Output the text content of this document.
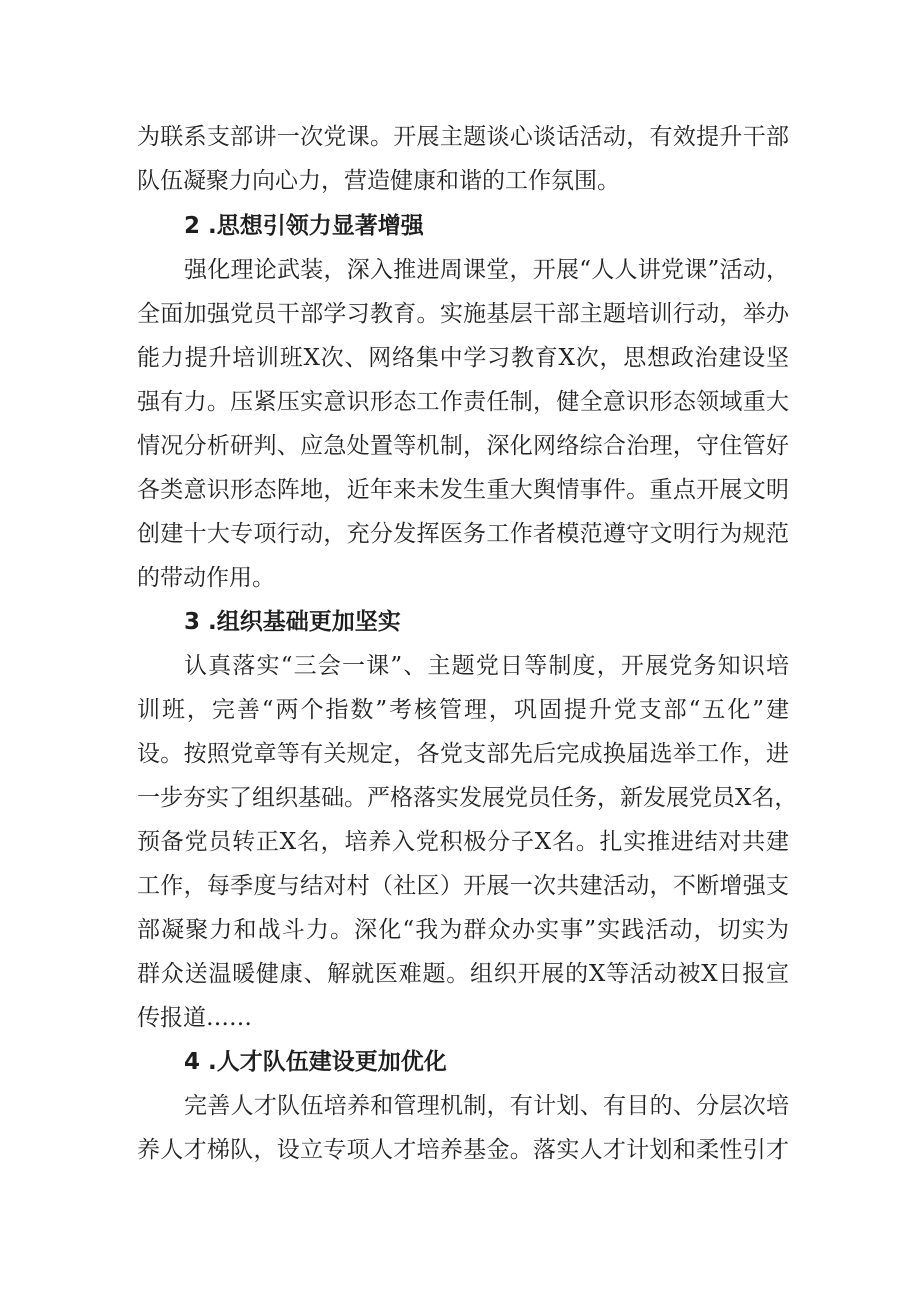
为联系支部讲一次党课。开展主题谈心谈话活动，有效提升干部
队伍凝聚力向心力，营造健康和谐的工作氛围。
2 .思想引领力显著增强
强化理论武装，深入推进周课堂，开展“人人讲党课”活动，
全面加强党员干部学习教育。实施基层干部主题培训行动，举办
能力提升培训班X次、网络集中学习教育X次，思想政治建设坚
强有力。压紧压实意识形态工作责任制，健全意识形态领域重大
情况分析研判、应急处置等机制，深化网络综合治理，守住管好
各类意识形态阵地，近年来未发生重大舆情事件。重点开展文明
创建十大专项行动，充分发挥医务工作者模范遵守文明行为规范
的带动作用。
3 .组织基础更加坚实
认真落实“三会一课”、主题党日等制度，开展党务知识培
训班，完善“两个指数”考核管理，巩固提升党支部“五化”建
设。按照党章等有关规定，各党支部先后完成换届选举工作，进
一步夯实了组织基础。严格落实发展党员任务，新发展党员X名，
预备党员转正X名，培养入党积极分子X名。扎实推进结对共建
工作，每季度与结对村（社区）开展一次共建活动，不断增强支
部凝聚力和战斗力。深化“我为群众办实事”实践活动，切实为
群众送温暖健康、解就医难题。组织开展的X等活动被X日报宣
传报道……
4 .人才队伍建设更加优化
完善人才队伍培养和管理机制，有计划、有目的、分层次培
养人才梯队，设立专项人才培养基金。落实人才计划和柔性引才
